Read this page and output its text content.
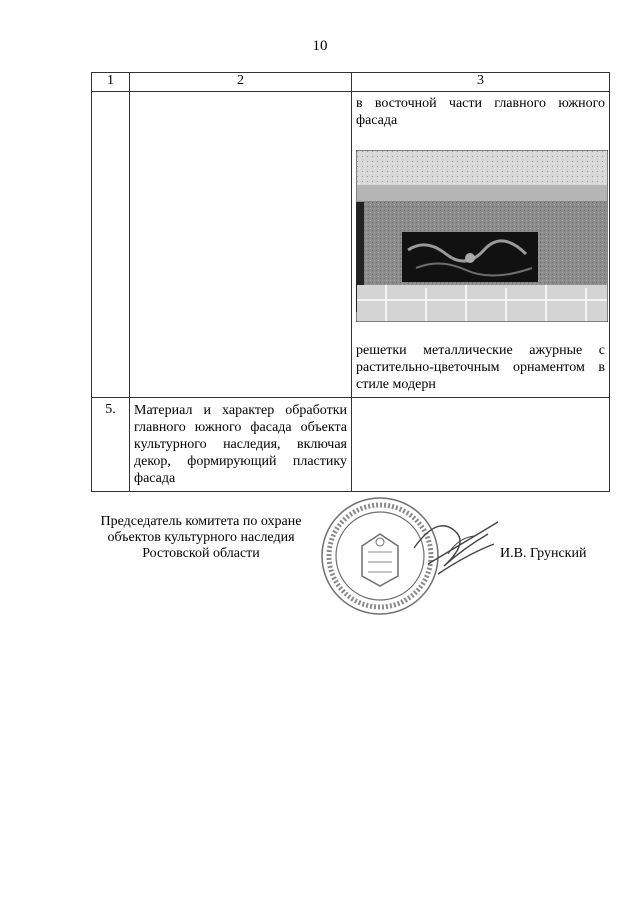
10
1	2	3

		в восточной части главного южного фасада
решетки металлические ажурные с растительно-цветочным орнаментом в стиле модерн

5.	Материал и характер обработки главного южного фасада объекта культурного наследия, включая декор, формирующий пластику фасада	
Председатель комитета по охране объектов культурного наследия Ростовской области	И.В. Грунский
